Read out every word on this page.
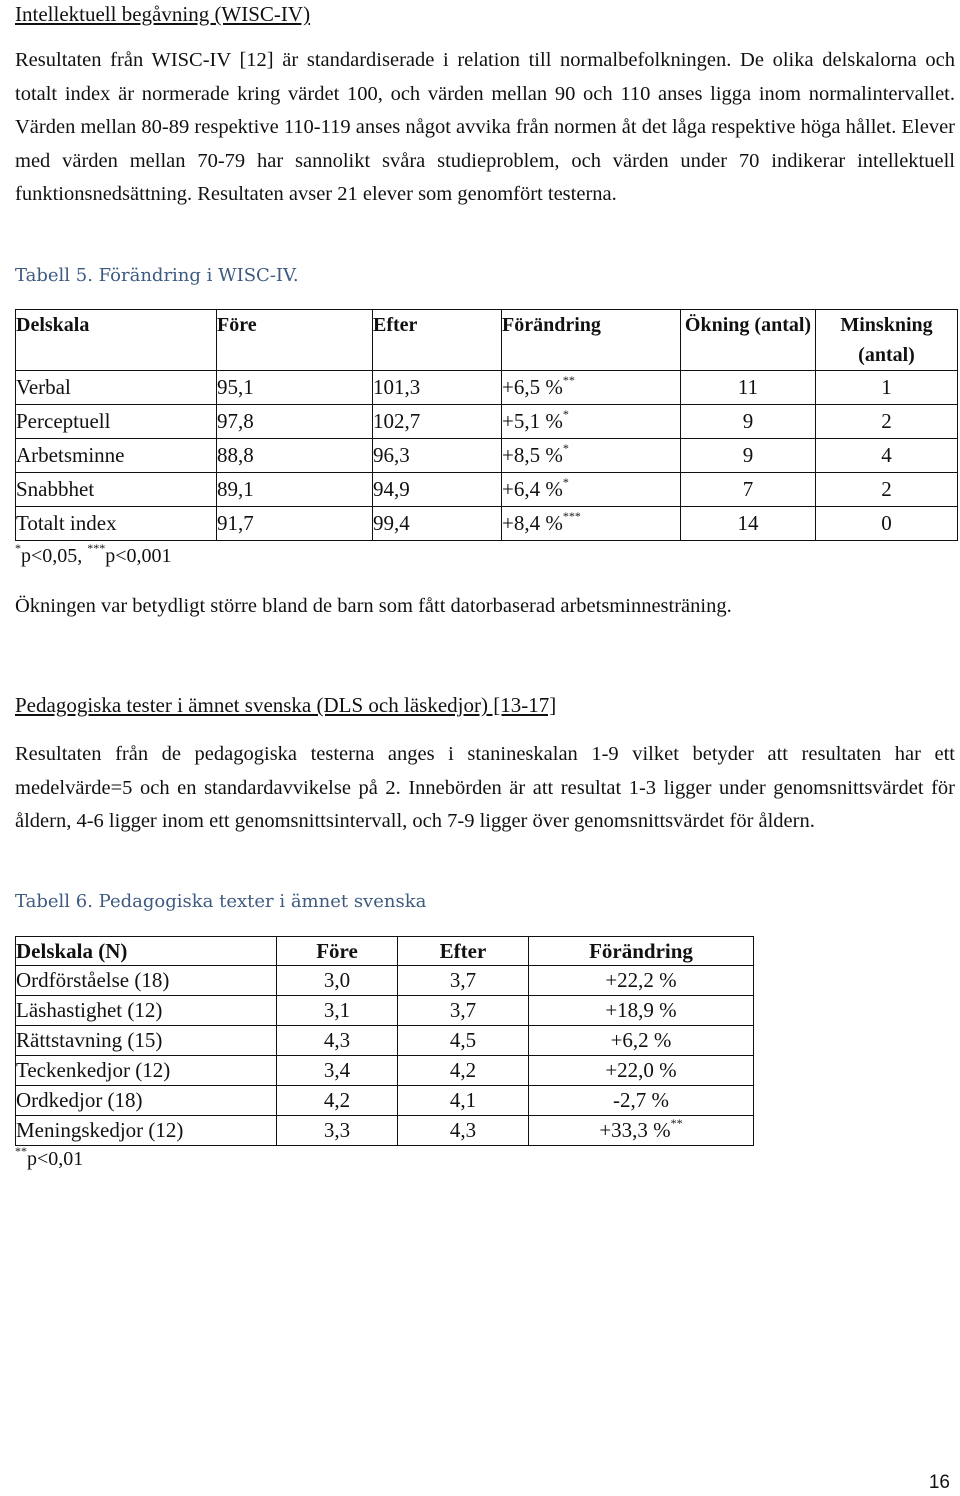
Intellektuell begåvning (WISC-IV)

Resultaten från WISC-IV [12] är standardiserade i relation till normalbefolkningen. De olika delskalorna och totalt index är normerade kring värdet 100, och värden mellan 90 och 110 anses ligga inom normalintervallet. Värden mellan 80-89 respektive 110-119 anses något avvika från normen åt det låga respektive höga hållet. Elever med värden mellan 70-79 har sannolikt svåra studieproblem, och värden under 70 indikerar intellektuell funktionsnedsättning. Resultaten avser 21 elever som genomfört testerna.

Tabell 5. Förändring i WISC-IV.
Delskala	Före	Efter	Förändring	Ökning (antal)	Minskning (antal)
Verbal	95,1	101,3	+6,5 %**	11	1
Perceptuell	97,8	102,7	+5,1 %*	9	2
Arbetsminne	88,8	96,3	+8,5 %*	9	4
Snabbhet	89,1	94,9	+6,4 %*	7	2
Totalt index	91,7	99,4	+8,4 %***	14	0
*p<0,05, ***p<0,001

Ökningen var betydligt större bland de barn som fått datorbaserad arbetsminnesträning.

Pedagogiska tester i ämnet svenska (DLS och läskedjor) [13-17]

Resultaten från de pedagogiska testerna anges i stanineskalan 1-9 vilket betyder att resultaten har ett medelvärde=5 och en standardavvikelse på 2. Innebörden är att resultat 1-3 ligger under genomsnittsvärdet för åldern, 4-6 ligger inom ett genomsnittsintervall, och 7-9 ligger över genomsnittsvärdet för åldern.

Tabell 6. Pedagogiska texter i ämnet svenska
Delskala (N)	Före	Efter	Förändring
Ordförståelse (18)	3,0	3,7	+22,2 %
Läshastighet (12)	3,1	3,7	+18,9 %
Rättstavning (15)	4,3	4,5	+6,2 %
Teckenkedjor (12)	3,4	4,2	+22,0 %
Ordkedjor (18)	4,2	4,1	-2,7 %
Meningskedjor (12)	3,3	4,3	+33,3 %**
**p<0,01
16
